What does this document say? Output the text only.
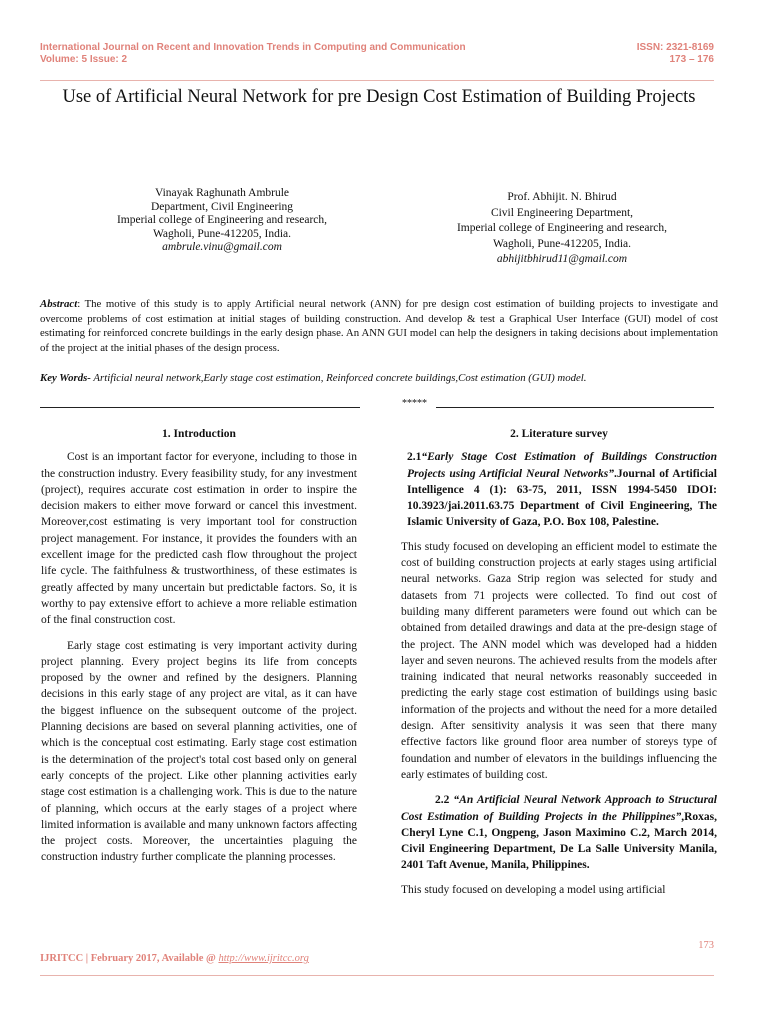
International Journal on Recent and Innovation Trends in Computing and Communication
Volume: 5 Issue: 2
ISSN: 2321-8169
173 – 176
Use of Artificial Neural Network for pre Design Cost Estimation of Building Projects
Vinayak Raghunath Ambrule
Department, Civil Engineering
Imperial college of Engineering and research,
Wagholi, Pune-412205, India.
ambrule.vinu@gmail.com
Prof. Abhijit. N. Bhirud
Civil Engineering Department,
Imperial college of Engineering and research,
Wagholi, Pune-412205, India.
abhijitbhirud11@gmail.com
Abstract: The motive of this study is to apply Artificial neural network (ANN) for pre design cost estimation of building projects to investigate and overcome problems of cost estimation at initial stages of building construction. And develop & test a Graphical User Interface (GUI) model of cost estimating for reinforced concrete buildings in the early design phase. An ANN GUI model can help the designers in taking decisions about implementation of the project at the initial phases of the design process.
Key Words- Artificial neural network,Early stage cost estimation, Reinforced concrete buildings,Cost estimation (GUI) model.
*****
1. Introduction

Cost is an important factor for everyone, including to those in the construction industry. Every feasibility study, for any investment (project), requires accurate cost estimation in order to inspire the decision makers to either move forward or cancel this investment. Moreover,cost estimating is very important tool for construction project management. For instance, it provides the founders with an excellent image for the predicted cash flow throughout the project life cycle. The faithfulness & trustworthiness, of these estimates is greatly affected by many uncertain but predictable factors. So, it is worthy to pay extensive effort to achieve a more reliable estimation of the final construction cost.

Early stage cost estimating is very important activity during project planning. Every project begins its life from concepts proposed by the owner and refined by the designers. Planning decisions in this early stage of any project are vital, as it can have the biggest influence on the subsequent outcome of the project. Planning decisions are based on several planning activities, one of which is the conceptual cost estimating. Early stage cost estimation is the determination of the project's total cost based only on general early concepts of the project. Like other planning activities early stage cost estimation is a challenging work. This is due to the nature of planning, which occurs at the early stages of a project where limited information is available and many unknown factors affecting the project costs. Moreover, the uncertainties plaguing the construction industry further complicate the planning processes.

2. Literature survey
2.1“Early Stage Cost Estimation of Buildings Construction Projects using Artificial Neural Networks”.Journal of Artificial Intelligence 4 (1): 63-75, 2011, ISSN 1994-5450 IDOI: 10.3923/jai.2011.63.75 Department of Civil Engineering, The Islamic University of Gaza, P.O. Box 108, Palestine.

This study focused on developing an efficient model to estimate the cost of building construction projects at early stages using artificial neural networks. Gaza Strip region was selected for study and datasets from 71 projects were collected. To find out cost of building many different parameters were found out which can be obtained from detailed drawings and data at the pre-design stage of the project. The ANN model which was developed had a hidden layer and seven neurons. The achieved results from the models after training indicated that neural networks reasonably succeeded in predicting the early stage cost estimation of buildings using basic information of the projects and without the need for a more detailed design. After sensitivity analysis it was seen that there many effective factors like ground floor area number of storeys type of foundation and number of elevators in the buildings influencing the early estimates of building cost.

2.2 “An Artificial Neural Network Approach to Structural Cost Estimation of Building Projects in the Philippines”,Roxas, Cheryl Lyne C.1, Ongpeng, Jason Maximino C.2, March 2014, Civil Engineering Department, De La Salle University Manila, 2401 Taft Avenue, Manila, Philippines.

This study focused on developing a model using artificial

173
IJRITCC | February 2017, Available @ http://www.ijritcc.org
